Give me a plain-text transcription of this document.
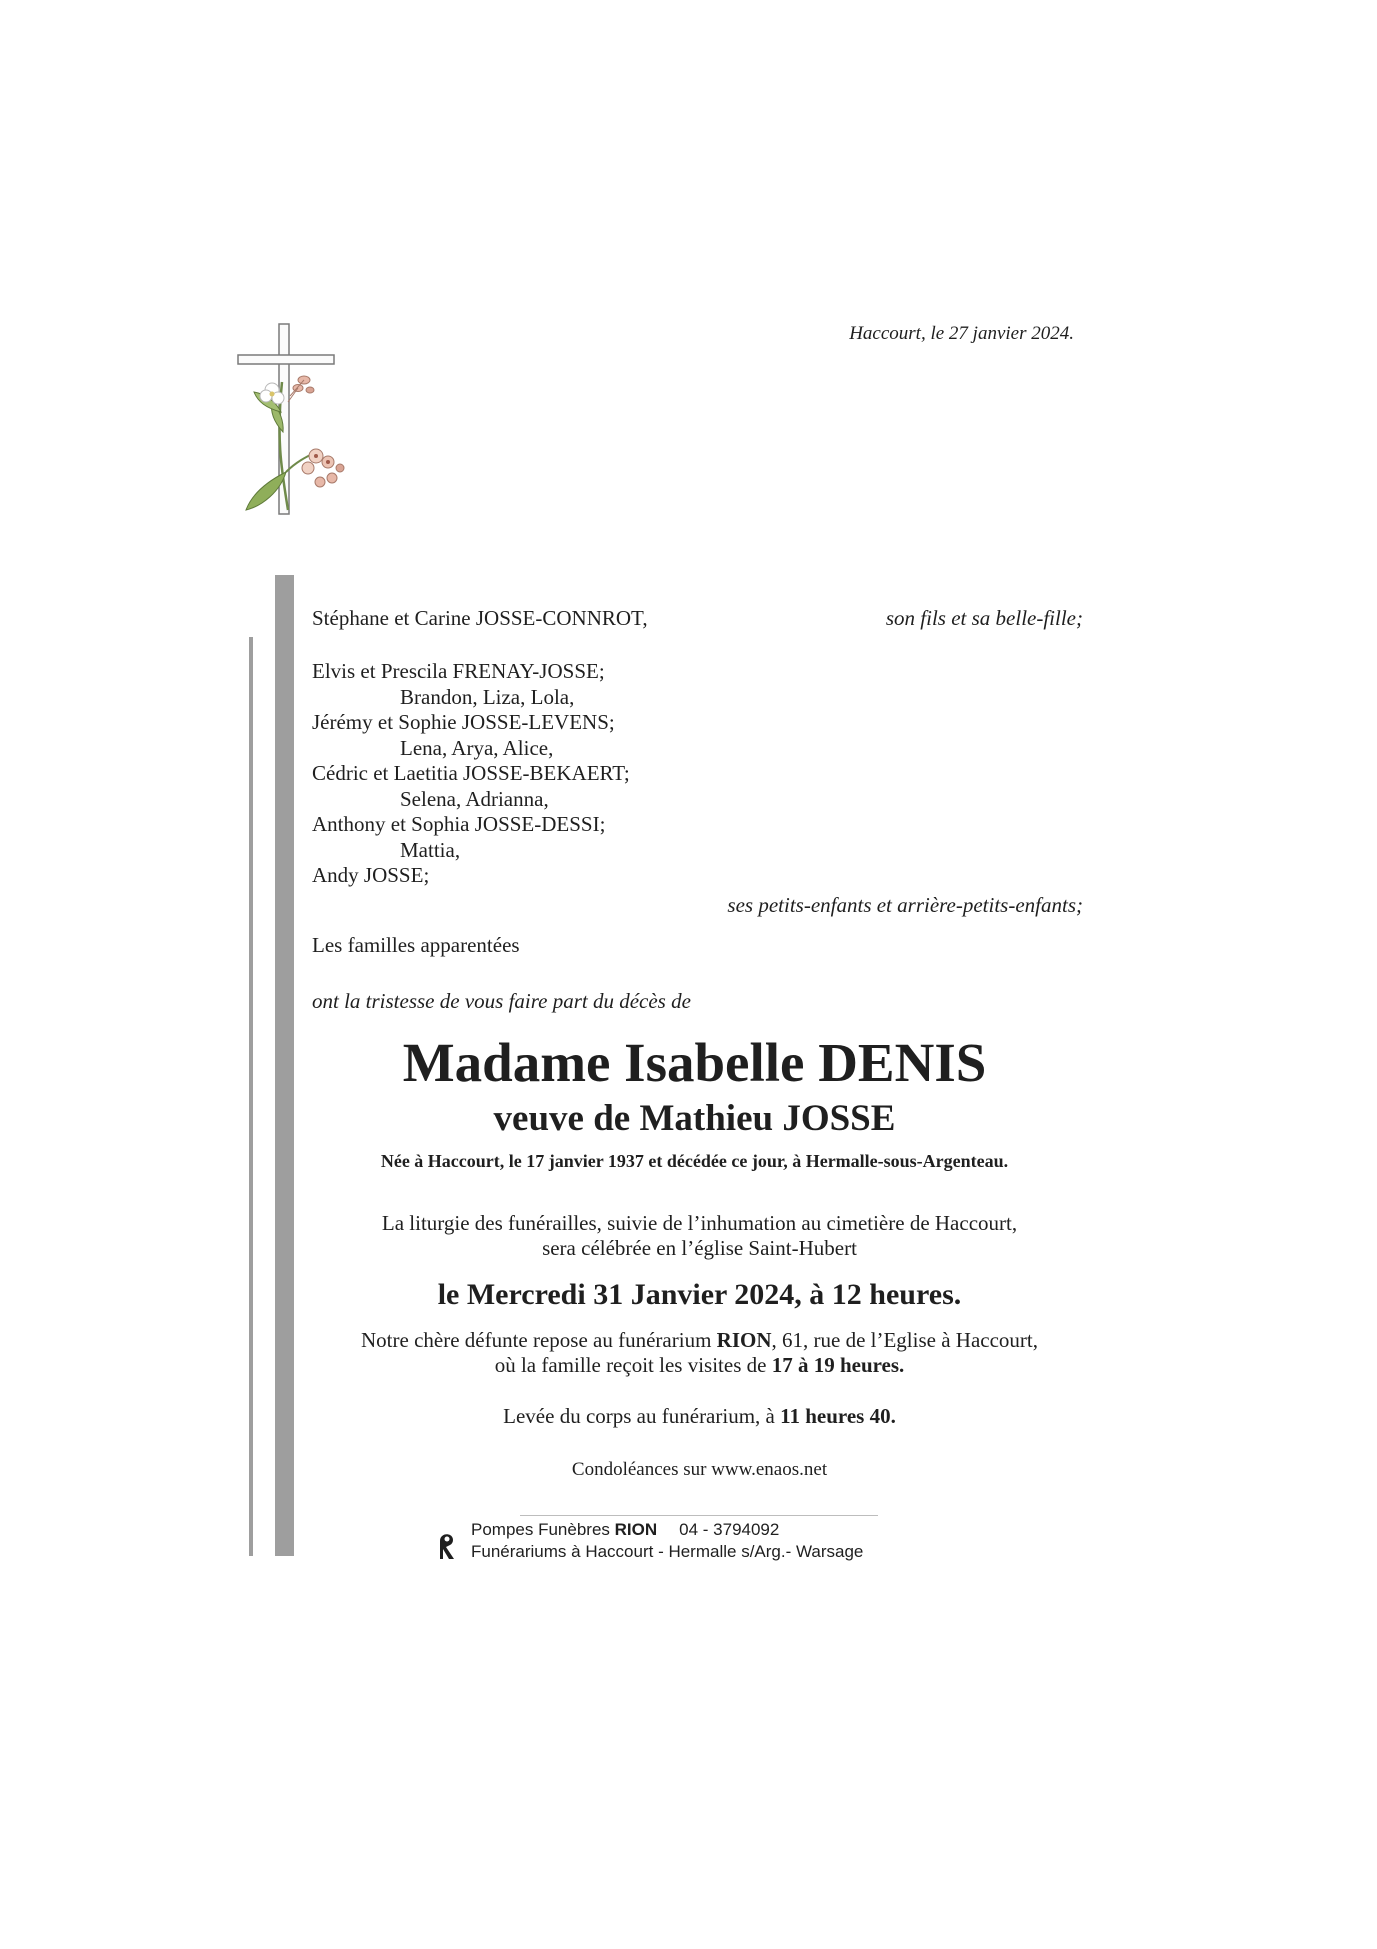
Haccourt, le 27 janvier 2024.
Stéphane et Carine JOSSE-CONNROT,	son fils et sa belle-fille;
Elvis et Prescila FRENAY-JOSSE;
Brandon, Liza, Lola,
Jérémy et Sophie JOSSE-LEVENS;
Lena, Arya, Alice,
Cédric et Laetitia JOSSE-BEKAERT;
Selena, Adrianna,
Anthony et Sophia JOSSE-DESSI;
Mattia,
Andy JOSSE;
ses petits-enfants et arrière-petits-enfants;
Les familles apparentées
ont la tristesse de vous faire part du décès de
Madame Isabelle DENIS
veuve de Mathieu JOSSE
Née à Haccourt, le 17 janvier 1937 et décédée ce jour, à Hermalle-sous-Argenteau.
La liturgie des funérailles, suivie de l’inhumation au cimetière de Haccourt,
sera célébrée en l’église Saint-Hubert
le Mercredi 31 Janvier 2024, à 12 heures.
Notre chère défunte repose au funérarium RION, 61, rue de l’Eglise à Haccourt,
où la famille reçoit les visites de 17 à 19 heures.
Levée du corps au funérarium, à 11 heures 40.
Condoléances sur www.enaos.net
Pompes Funèbres RION 04 - 3794092
Funérariums à Haccourt - Hermalle s/Arg.- Warsage
